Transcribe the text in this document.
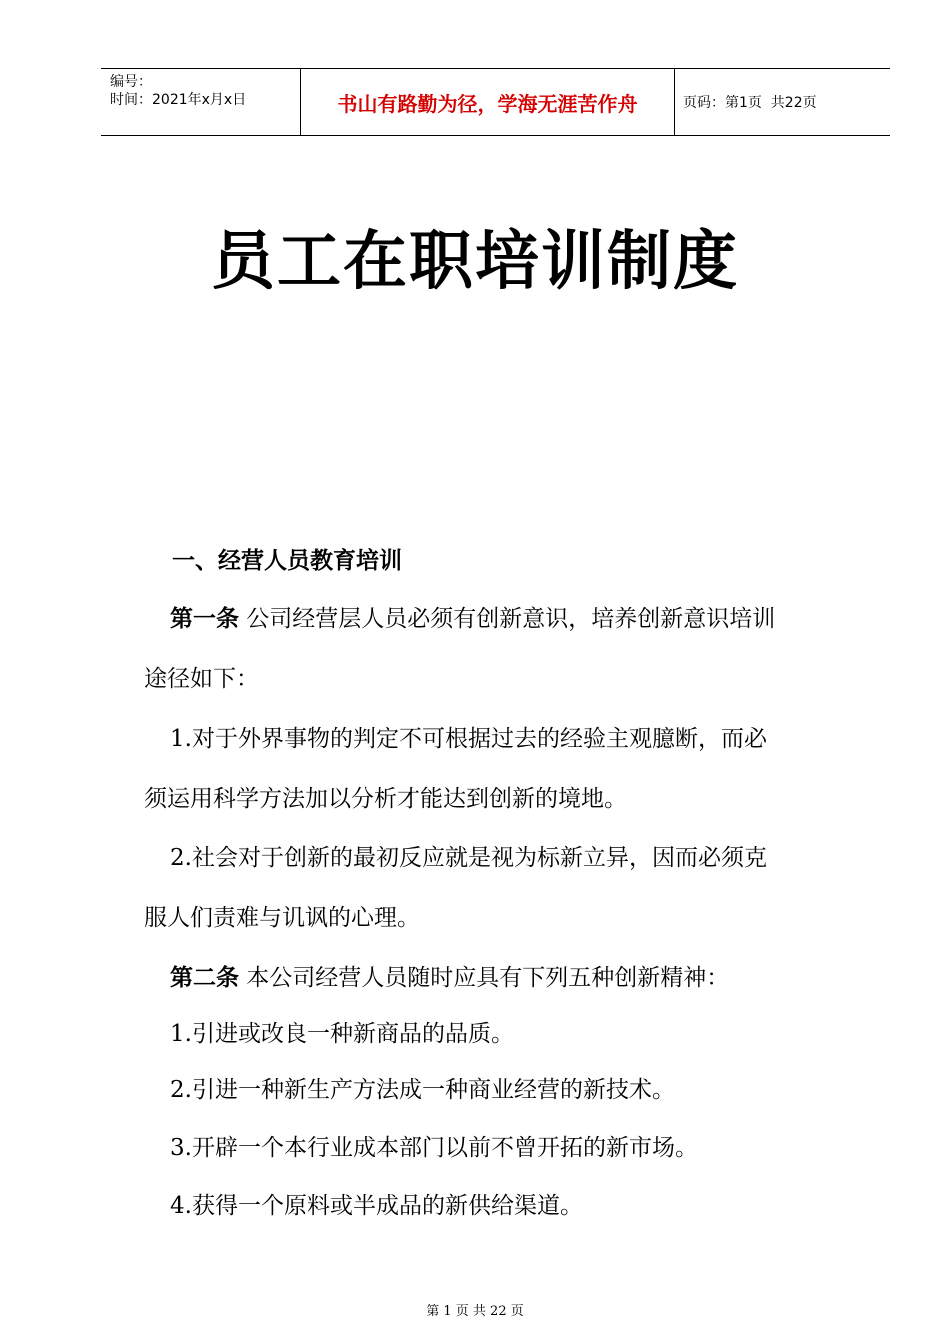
编号：
时间：2021年x月x日	书山有路勤为径，学海无涯苦作舟	页码：第1页  共22页
员工在职培训制度
一、经营人员教育培训

第一条 公司经营层人员必须有创新意识，培养创新意识培训

途径如下：

1.对于外界事物的判定不可根据过去的经验主观臆断，而必

须运用科学方法加以分析才能达到创新的境地。

2.社会对于创新的最初反应就是视为标新立异，因而必须克

服人们责难与讥讽的心理。

第二条 本公司经营人员随时应具有下列五种创新精神：

1.引进或改良一种新商品的品质。

2.引进一种新生产方法成一种商业经营的新技术。

3.开辟一个本行业成本部门以前不曾开拓的新市场。

4.获得一个原料或半成品的新供给渠道。

第 1 页 共 22 页
